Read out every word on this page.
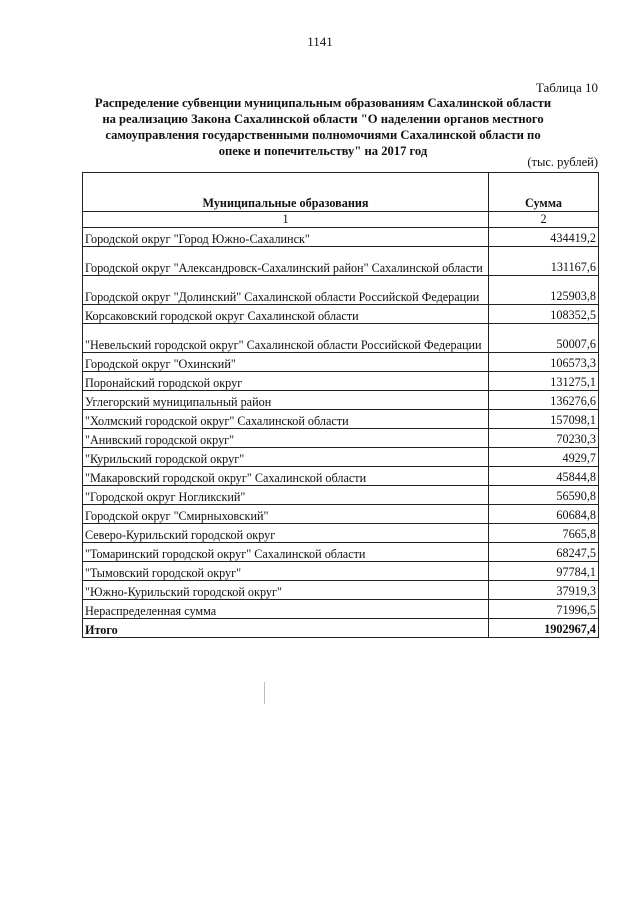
1141
Таблица 10
Распределение субвенции муниципальным образованиям Сахалинской области на реализацию Закона Сахалинской области "О наделении органов местного самоуправления государственными полномочиями Сахалинской области по опеке и попечительству" на 2017 год
(тыс. рублей)
Муниципальные образования	Сумма
1	2
Городской округ "Город Южно-Сахалинск"	434419,2
Городской округ "Александровск-Сахалинский район" Сахалинской области	131167,6
Городской округ "Долинский" Сахалинской области Российской Федерации	125903,8
Корсаковский городской округ Сахалинской области	108352,5
"Невельский городской округ" Сахалинской области Российской Федерации	50007,6
Городской округ "Охинский"	106573,3
Поронайский городской округ	131275,1
Углегорский муниципальный район	136276,6
"Холмский городской округ" Сахалинской области	157098,1
"Анивский городской округ"	70230,3
"Курильский городской округ"	4929,7
"Макаровский городской округ" Сахалинской области	45844,8
"Городской округ Ногликский"	56590,8
Городской округ "Смирныховский"	60684,8
Северо-Курильский городской округ	7665,8
"Томаринский городской округ" Сахалинской области	68247,5
"Тымовский городской округ"	97784,1
"Южно-Курильский городской округ"	37919,3
Нераспределенная сумма	71996,5
Итого	1902967,4
